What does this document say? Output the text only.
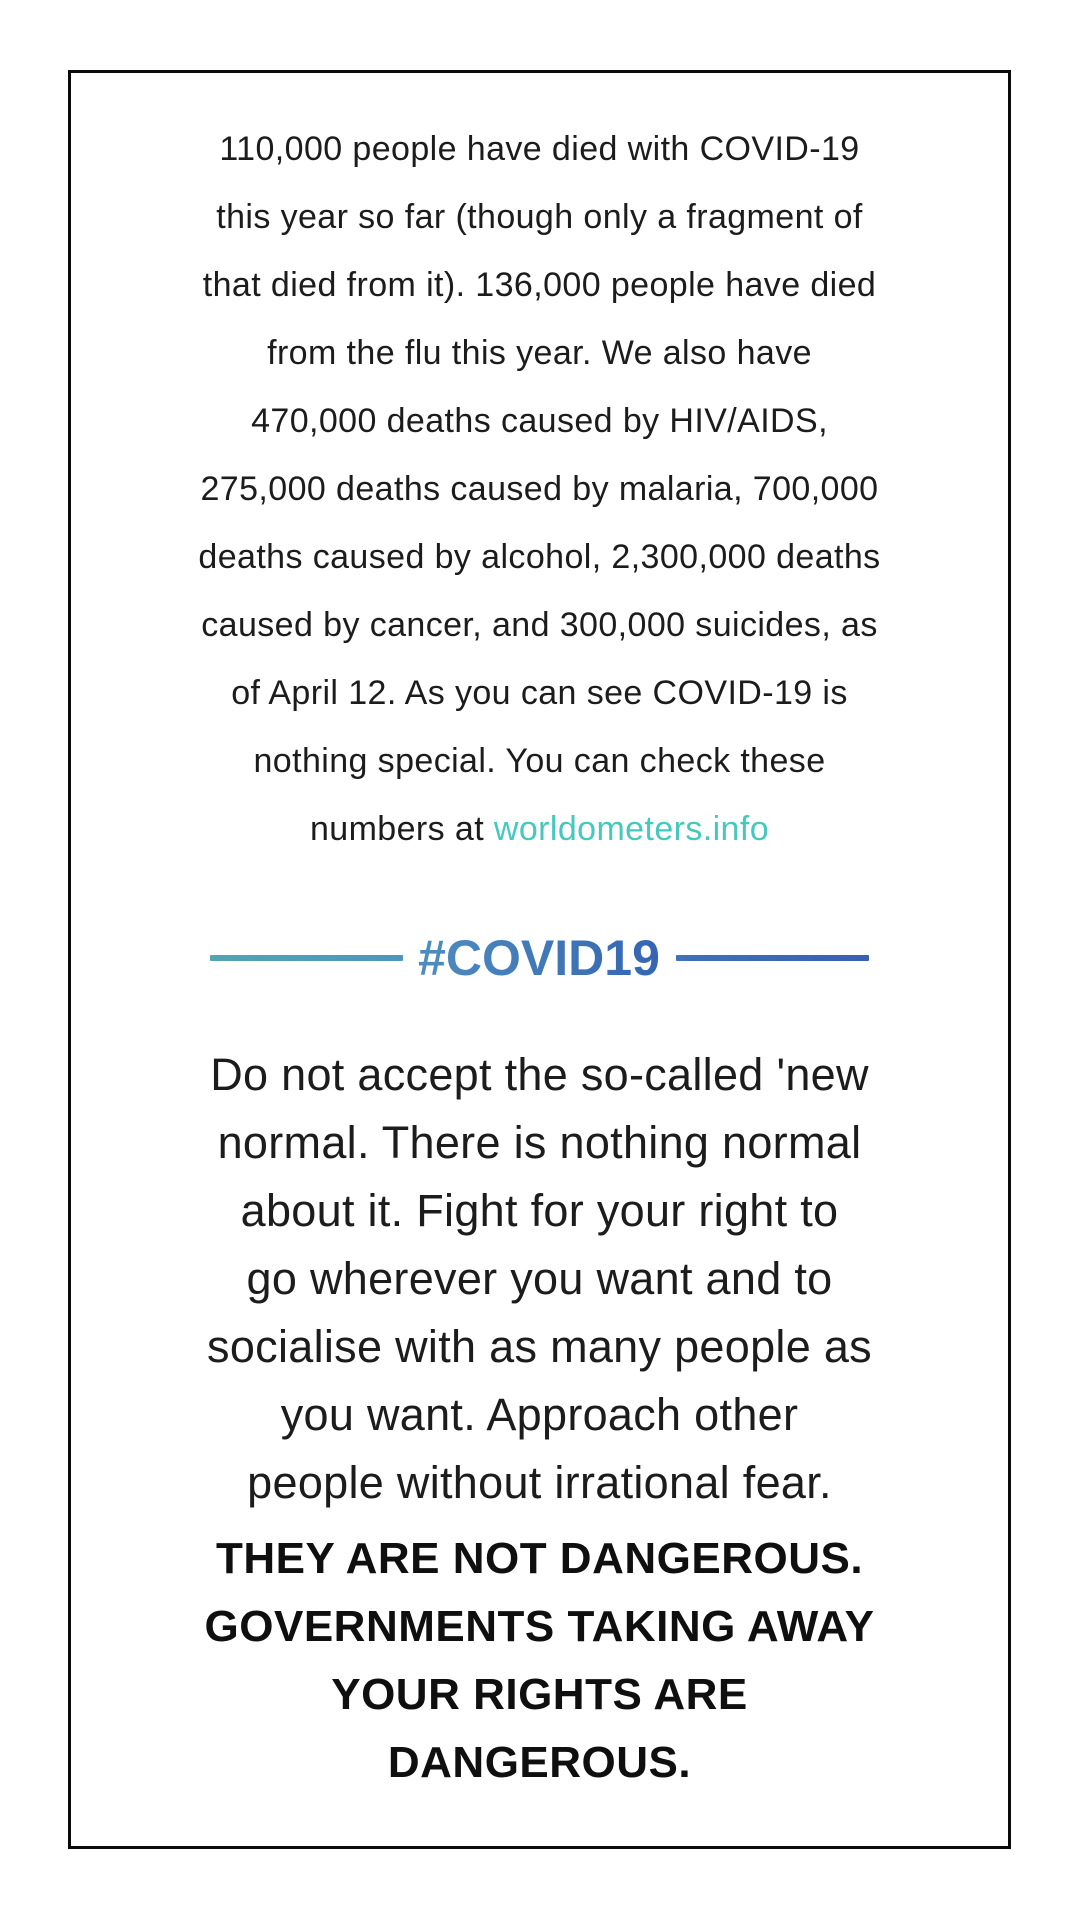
110,000 people have died with COVID-19
this year so far (though only a fragment of
that died from it). 136,000 people have died
from the flu this year. We also have
470,000 deaths caused by HIV/AIDS,
275,000 deaths caused by malaria, 700,000
deaths caused by alcohol, 2,300,000 deaths
caused by cancer, and 300,000 suicides, as
of April 12. As you can see COVID-19 is
nothing special. You can check these
numbers at worldometers.info
#COVID19
Do not accept the so-called 'new
normal. There is nothing normal
about it. Fight for your right to
go wherever you want and to
socialise with as many people as
you want. Approach other
people without irrational fear.
THEY ARE NOT DANGEROUS.
GOVERNMENTS TAKING AWAY
YOUR RIGHTS ARE
DANGEROUS.
